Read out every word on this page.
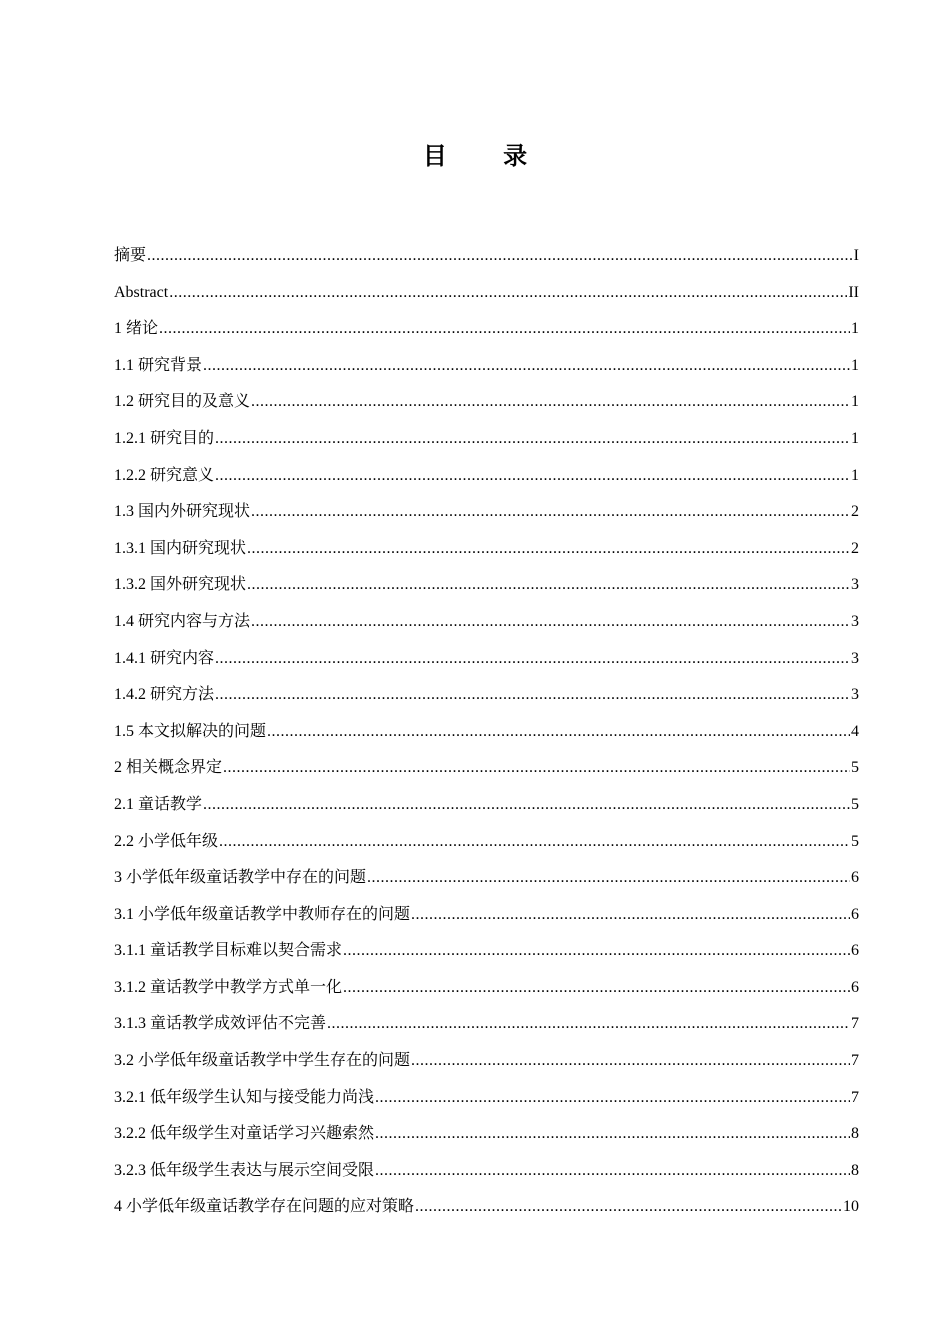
目 录
摘要 .....	I
Abstract .....	II
1 绪论 .....	1
1.1 研究背景 .....	1
1.2 研究目的及意义 .....	1
1.2.1 研究目的 .....	1
1.2.2 研究意义 .....	1
1.3 国内外研究现状 .....	2
1.3.1 国内研究现状 .....	2
1.3.2 国外研究现状 .....	3
1.4 研究内容与方法 .....	3
1.4.1 研究内容 .....	3
1.4.2 研究方法 .....	3
1.5 本文拟解决的问题 .....	4
2 相关概念界定 .....	5
2.1 童话教学 .....	5
2.2 小学低年级 .....	5
3 小学低年级童话教学中存在的问题 .....	6
3.1 小学低年级童话教学中教师存在的问题 .....	6
3.1.1 童话教学目标难以契合需求 .....	6
3.1.2 童话教学中教学方式单一化 .....	6
3.1.3 童话教学成效评估不完善 .....	7
3.2 小学低年级童话教学中学生存在的问题 .....	7
3.2.1 低年级学生认知与接受能力尚浅 .....	7
3.2.2 低年级学生对童话学习兴趣索然 .....	8
3.2.3 低年级学生表达与展示空间受限 .....	8
4 小学低年级童话教学存在问题的应对策略 .....	10
